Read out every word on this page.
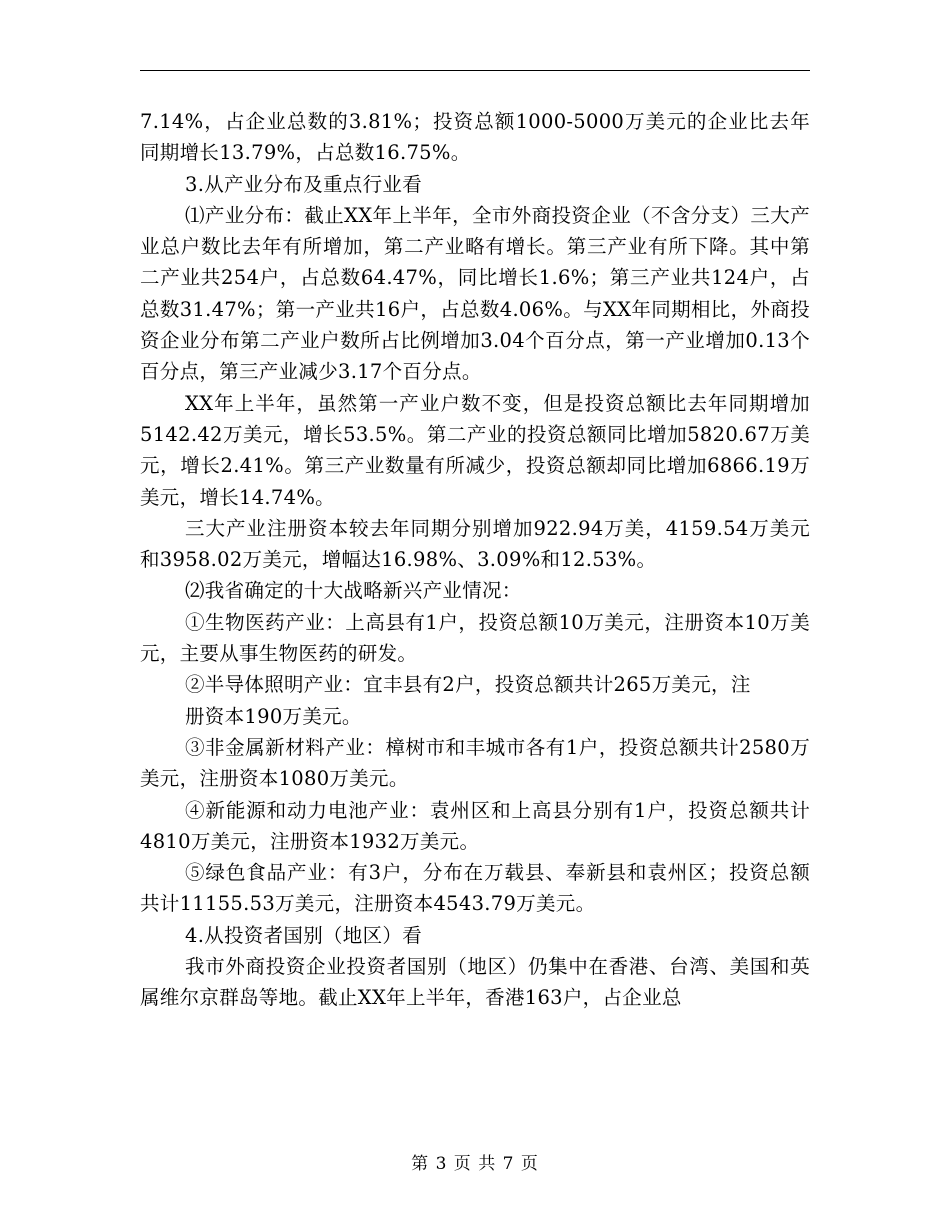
7.14%，占企业总数的3.81%；投资总额1000-5000万美元的企业比去年同期增长13.79%，占总数16.75%。

3.从产业分布及重点行业看

⑴产业分布：截止XX年上半年，全市外商投资企业（不含分支）三大产业总户数比去年有所增加，第二产业略有增长。第三产业有所下降。其中第二产业共254户，占总数64.47%，同比增长1.6%；第三产业共124户，占总数31.47%；第一产业共16户，占总数4.06%。与XX年同期相比，外商投资企业分布第二产业户数所占比例增加3.04个百分点，第一产业增加0.13个百分点，第三产业减少3.17个百分点。

XX年上半年，虽然第一产业户数不变，但是投资总额比去年同期增加5142.42万美元，增长53.5%。第二产业的投资总额同比增加5820.67万美元，增长2.41%。第三产业数量有所减少，投资总额却同比增加6866.19万美元，增长14.74%。

三大产业注册资本较去年同期分别增加922.94万美，4159.54万美元和3958.02万美元，增幅达16.98%、3.09%和12.53%。

⑵我省确定的十大战略新兴产业情况：

①生物医药产业：上高县有1户，投资总额10万美元，注册资本10万美元，主要从事生物医药的研发。

②半导体照明产业：宜丰县有2户，投资总额共计265万美元，注

册资本190万美元。

③非金属新材料产业：樟树市和丰城市各有1户，投资总额共计2580万美元，注册资本1080万美元。

④新能源和动力电池产业：袁州区和上高县分别有1户，投资总额共计4810万美元，注册资本1932万美元。

⑤绿色食品产业：有3户，分布在万载县、奉新县和袁州区；投资总额共计11155.53万美元，注册资本4543.79万美元。

4.从投资者国别（地区）看

我市外商投资企业投资者国别（地区）仍集中在香港、台湾、美国和英属维尔京群岛等地。截止XX年上半年，香港163户，占企业总

第 3 页 共 7 页
